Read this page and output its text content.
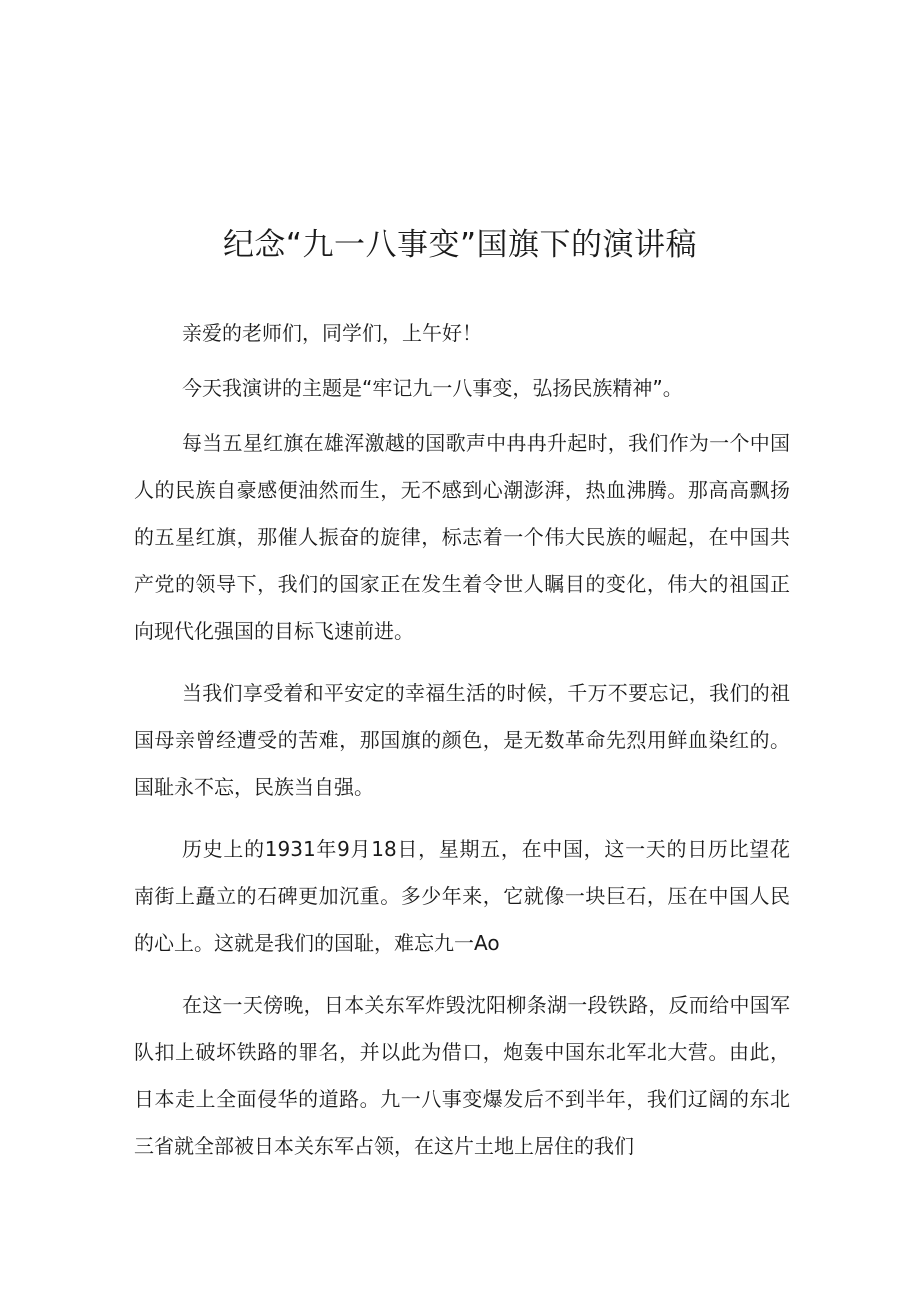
纪念“九一八事变”国旗下的演讲稿

亲爱的老师们，同学们，上午好！

今天我演讲的主题是“牢记九一八事变，弘扬民族精神”。

每当五星红旗在雄浑激越的国歌声中冉冉升起时，我们作为一个中国人的民族自豪感便油然而生，无不感到心潮澎湃，热血沸腾。那高高飘扬的五星红旗，那催人振奋的旋律，标志着一个伟大民族的崛起，在中国共产党的领导下，我们的国家正在发生着令世人瞩目的变化，伟大的祖国正向现代化强国的目标飞速前进。

当我们享受着和平安定的幸福生活的时候，千万不要忘记，我们的祖国母亲曾经遭受的苦难，那国旗的颜色，是无数革命先烈用鲜血染红的。国耻永不忘，民族当自强。

历史上的1931年9月18日，星期五，在中国，这一天的日历比望花南街上矗立的石碑更加沉重。多少年来，它就像一块巨石，压在中国人民的心上。这就是我们的国耻，难忘九一Ao

在这一天傍晚，日本关东军炸毁沈阳柳条湖一段铁路，反而给中国军队扣上破坏铁路的罪名，并以此为借口，炮轰中国东北军北大营。由此，日本走上全面侵华的道路。九一八事变爆发后不到半年，我们辽阔的东北三省就全部被日本关东军占领，在这片土地上居住的我们
